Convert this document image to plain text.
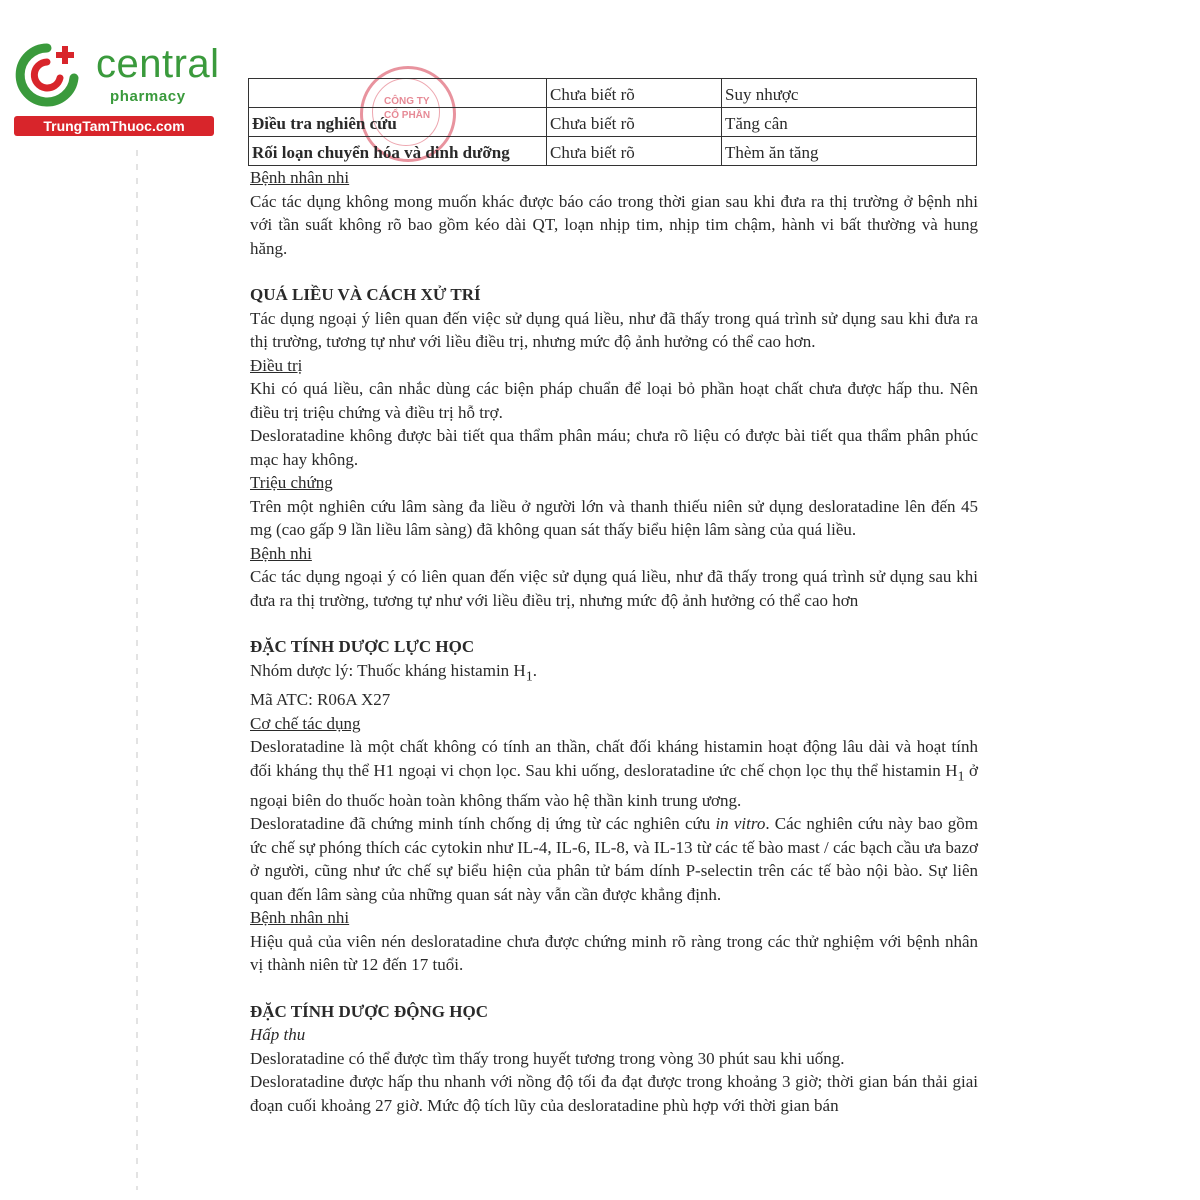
central
pharmacy
TrungTamThuoc.com
CÔNG TY
CỔ PHẦN
	Chưa biết rõ	Suy nhược
Điều tra nghiên cứu	Chưa biết rõ	Tăng cân
Rối loạn chuyển hóa và dinh dưỡng	Chưa biết rõ	Thèm ăn tăng

Bệnh nhân nhi

Các tác dụng không mong muốn khác được báo cáo trong thời gian sau khi đưa ra thị trường ở bệnh nhi với tần suất không rõ bao gồm kéo dài QT, loạn nhịp tim, nhịp tim chậm, hành vi bất thường và hung hăng.

QUÁ LIỀU VÀ CÁCH XỬ TRÍ

Tác dụng ngoại ý liên quan đến việc sử dụng quá liều, như đã thấy trong quá trình sử dụng sau khi đưa ra thị trường, tương tự như với liều điều trị, nhưng mức độ ảnh hưởng có thể cao hơn.

Điều trị

Khi có quá liều, cân nhắc dùng các biện pháp chuẩn để loại bỏ phần hoạt chất chưa được hấp thu. Nên điều trị triệu chứng và điều trị hỗ trợ.

Desloratadine không được bài tiết qua thẩm phân máu; chưa rõ liệu có được bài tiết qua thẩm phân phúc mạc hay không.

Triệu chứng

Trên một nghiên cứu lâm sàng đa liều ở người lớn và thanh thiếu niên sử dụng desloratadine lên đến 45 mg (cao gấp 9 lần liều lâm sàng) đã không quan sát thấy biểu hiện lâm sàng của quá liều.

Bệnh nhi

Các tác dụng ngoại ý có liên quan đến việc sử dụng quá liều, như đã thấy trong quá trình sử dụng sau khi đưa ra thị trường, tương tự như với liều điều trị, nhưng mức độ ảnh hưởng có thể cao hơn

ĐẶC TÍNH DƯỢC LỰC HỌC

Nhóm dược lý: Thuốc kháng histamin $H_1$.

Mã ATC: R06A X27

Cơ chế tác dụng

Desloratadine là một chất không có tính an thần, chất đối kháng histamin hoạt động lâu dài và hoạt tính đối kháng thụ thể H1 ngoại vi chọn lọc. Sau khi uống, desloratadine ức chế chọn lọc thụ thể histamin $H_1$ ở ngoại biên do thuốc hoàn toàn không thấm vào hệ thần kinh trung ương.

Desloratadine đã chứng minh tính chống dị ứng từ các nghiên cứu in vitro. Các nghiên cứu này bao gồm ức chế sự phóng thích các cytokin như IL-4, IL-6, IL-8, và IL-13 từ các tế bào mast / các bạch cầu ưa bazơ ở người, cũng như ức chế sự biểu hiện của phân tử bám dính P-selectin trên các tế bào nội bào. Sự liên quan đến lâm sàng của những quan sát này vẫn cần được khẳng định.

Bệnh nhân nhi

Hiệu quả của viên nén desloratadine chưa được chứng minh rõ ràng trong các thử nghiệm với bệnh nhân vị thành niên từ 12 đến 17 tuổi.

ĐẶC TÍNH DƯỢC ĐỘNG HỌC

Hấp thu

Desloratadine có thể được tìm thấy trong huyết tương trong vòng 30 phút sau khi uống.

Desloratadine được hấp thu nhanh với nồng độ tối đa đạt được trong khoảng 3 giờ; thời gian bán thải giai đoạn cuối khoảng 27 giờ. Mức độ tích lũy của desloratadine phù hợp với thời gian bán
